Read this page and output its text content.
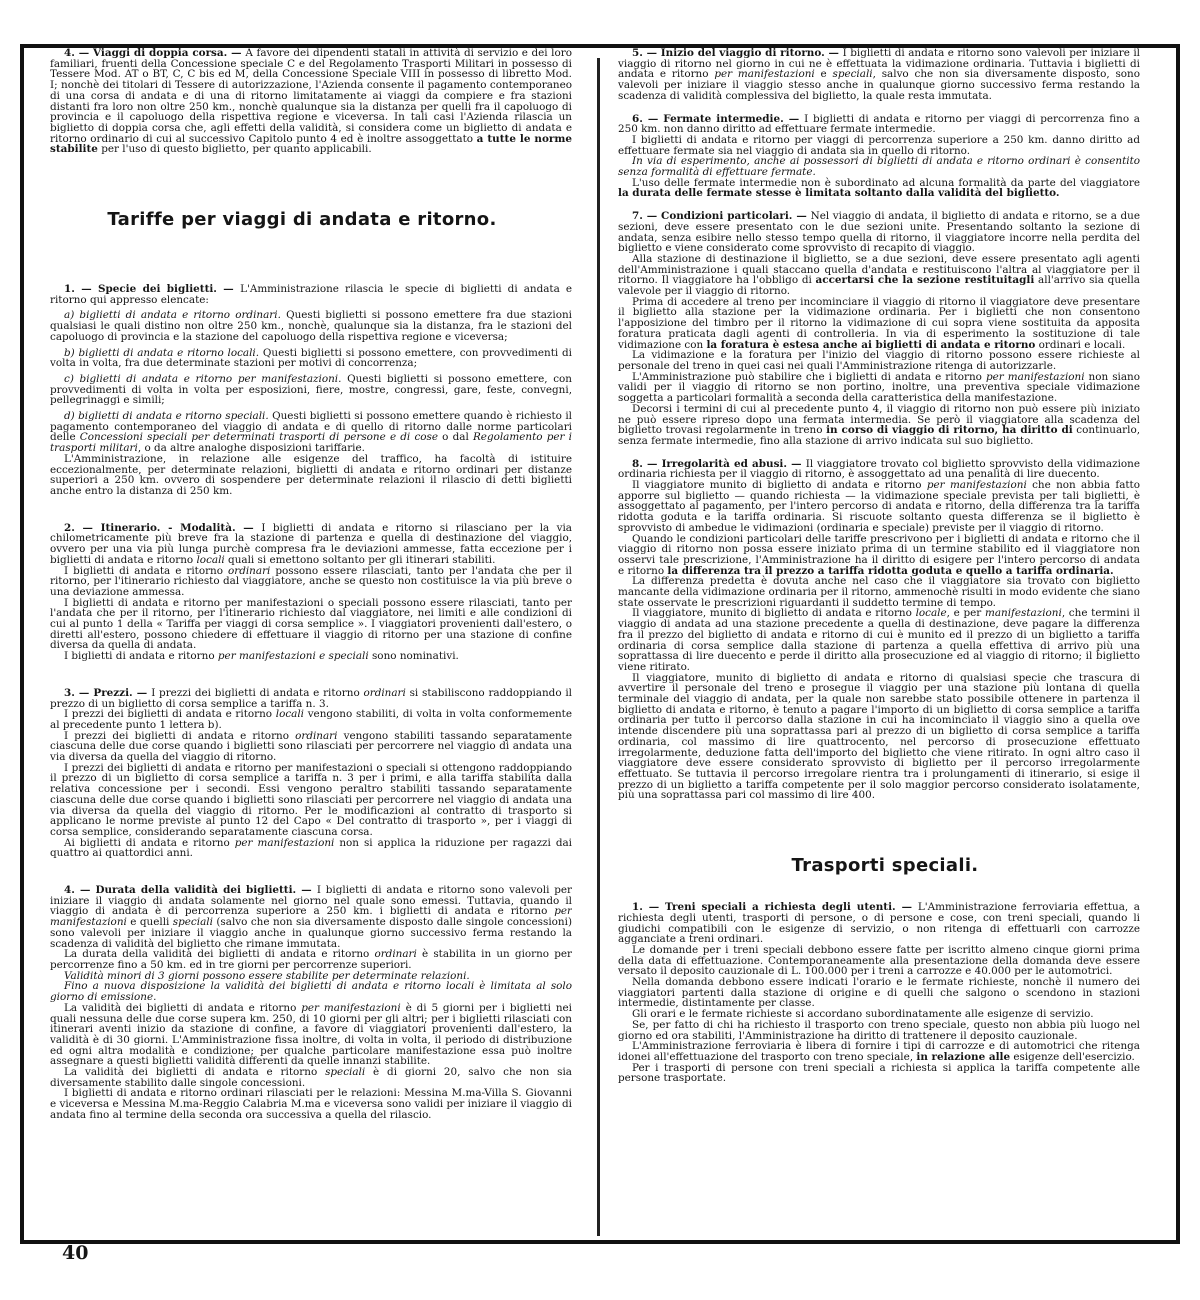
4. — Viaggi di doppia corsa. — A favore dei dipendenti statali in attività di servizio e dei loro familiari, fruenti della Concessione speciale C e del Regolamento Trasporti Militari in possesso di Tessere Mod. AT o BT, C, C bis ed M, della Concessione Speciale VIII in possesso di libretto Mod. I; nonchè dei titolari di Tessere di autorizzazione, l'Azienda consente il pagamento contemporaneo di una corsa di andata e di una di ritorno limitatamente ai viaggi da compiere e fra stazioni distanti fra loro non oltre 250 km., nonchè qualunque sia la distanza per quelli fra il capoluogo di provincia e il capoluogo della rispettiva regione e viceversa. In tali casi l'Azienda rilascia un biglietto di doppia corsa che, agli effetti della validità, si considera come un biglietto di andata e ritorno ordinario di cui al successivo Capitolo punto 4 ed è inoltre assoggettato a tutte le norme stabilite per l'uso di questo biglietto, per quanto applicabili.

Tariffe per viaggi di andata e ritorno.

1. — Specie dei biglietti. — L'Amministrazione rilascia le specie di biglietti di andata e ritorno qui appresso elencate:

a) biglietti di andata e ritorno ordinari. Questi biglietti si possono emettere fra due stazioni qualsiasi le quali distino non oltre 250 km., nonchè, qualunque sia la distanza, fra le stazioni del capoluogo di provincia e la stazione del capoluogo della rispettiva regione e viceversa;

b) biglietti di andata e ritorno locali. Questi biglietti si possono emettere, con provvedimenti di volta in volta, fra due determinate stazioni per motivi di concorrenza;

c) biglietti di andata e ritorno per manifestazioni. Questi biglietti si possono emettere, con provvedimenti di volta in volta per esposizioni, fiere, mostre, congressi, gare, feste, convegni, pellegrinaggi e simili;

d) biglietti di andata e ritorno speciali. Questi biglietti si possono emettere quando è richiesto il pagamento contemporaneo del viaggio di andata e di quello di ritorno dalle norme particolari delle Concessioni speciali per determinati trasporti di persone e di cose o dal Regolamento per i trasporti militari, o da altre analoghe disposizioni tariffarie.

L'Amministrazione, in relazione alle esigenze del traffico, ha facoltà di istituire eccezionalmente, per determinate relazioni, biglietti di andata e ritorno ordinari per distanze superiori a 250 km. ovvero di sospendere per determinate relazioni il rilascio di detti biglietti anche entro la distanza di 250 km.

2. — Itinerario. - Modalità. — I biglietti di andata e ritorno si rilasciano per la via chilometricamente più breve fra la stazione di partenza e quella di destinazione del viaggio, ovvero per una via più lunga purchè compresa fra le deviazioni ammesse, fatta eccezione per i biglietti di andata e ritorno locali quali si emettono soltanto per gli itinerari stabiliti.

I biglietti di andata e ritorno ordinari possono essere rilasciati, tanto per l'andata che per il ritorno, per l'itinerario richiesto dal viaggiatore, anche se questo non costituisce la via più breve o una deviazione ammessa.

I biglietti di andata e ritorno per manifestazioni o speciali possono essere rilasciati, tanto per l'andata che per il ritorno, per l'itinerario richiesto dal viaggiatore, nei limiti e alle condizioni di cui al punto 1 della « Tariffa per viaggi di corsa semplice ». I viaggiatori provenienti dall'estero, o diretti all'estero, possono chiedere di effettuare il viaggio di ritorno per una stazione di confine diversa da quella di andata.

I biglietti di andata e ritorno per manifestazioni e speciali sono nominativi.

3. — Prezzi. — I prezzi dei biglietti di andata e ritorno ordinari si stabiliscono raddoppiando il prezzo di un biglietto di corsa semplice a tariffa n. 3.

I prezzi dei biglietti di andata e ritorno locali vengono stabiliti, di volta in volta conformemente al precedente punto 1 lettera b).

I prezzi dei biglietti di andata e ritorno ordinari vengono stabiliti tassando separatamente ciascuna delle due corse quando i biglietti sono rilasciati per percorrere nel viaggio di andata una via diversa da quella del viaggio di ritorno.

I prezzi dei biglietti di andata e ritorno per manifestazioni o speciali si ottengono raddoppiando il prezzo di un biglietto di corsa semplice a tariffa n. 3 per i primi, e alla tariffa stabilita dalla relativa concessione per i secondi. Essi vengono peraltro stabiliti tassando separatamente ciascuna delle due corse quando i biglietti sono rilasciati per percorrere nel viaggio di andata una via diversa da quella del viaggio di ritorno. Per le modificazioni al contratto di trasporto si applicano le norme previste al punto 12 del Capo « Del contratto di trasporto », per i viaggi di corsa semplice, considerando separatamente ciascuna corsa.

Ai biglietti di andata e ritorno per manifestazioni non si applica la riduzione per ragazzi dai quattro ai quattordici anni.

4. — Durata della validità dei biglietti. — I biglietti di andata e ritorno sono valevoli per iniziare il viaggio di andata solamente nel giorno nel quale sono emessi. Tuttavia, quando il viaggio di andata è di percorrenza superiore a 250 km. i biglietti di andata e ritorno per manifestazioni e quelli speciali (salvo che non sia diversamente disposto dalle singole concessioni) sono valevoli per iniziare il viaggio anche in qualunque giorno successivo ferma restando la scadenza di validità del biglietto che rimane immutata.

La durata della validità dei biglietti di andata e ritorno ordinari è stabilita in un giorno per percorrenze fino a 50 km. ed in tre giorni per percorrenze superiori.

Validità minori di 3 giorni possono essere stabilite per determinate relazioni.

Fino a nuova disposizione la validità dei biglietti di andata e ritorno locali è limitata al solo giorno di emissione.

La validità dei biglietti di andata e ritorno per manifestazioni è di 5 giorni per i biglietti nei quali nessuna delle due corse supera km. 250, di 10 giorni per gli altri; per i biglietti rilasciati con itinerari aventi inizio da stazione di confine, a favore di viaggiatori provenienti dall'estero, la validità è di 30 giorni. L'Amministrazione fissa inoltre, di volta in volta, il periodo di distribuzione ed ogni altra modalità e condizione; per qualche particolare manifestazione essa può inoltre assegnare a questi biglietti validità differenti da quelle innanzi stabilite.

La validità dei biglietti di andata e ritorno speciali è di giorni 20, salvo che non sia diversamente stabilito dalle singole concessioni.

I biglietti di andata e ritorno ordinari rilasciati per le relazioni: Messina M.ma-Villa S. Giovanni e viceversa e Messina M.ma-Reggio Calabria M.ma e viceversa sono validi per iniziare il viaggio di andata fino al termine della seconda ora successiva a quella del rilascio.

5. — Inizio del viaggio di ritorno. — I biglietti di andata e ritorno sono valevoli per iniziare il viaggio di ritorno nel giorno in cui ne è effettuata la vidimazione ordinaria. Tuttavia i biglietti di andata e ritorno per manifestazioni e speciali, salvo che non sia diversamente disposto, sono valevoli per iniziare il viaggio stesso anche in qualunque giorno successivo ferma restando la scadenza di validità complessiva del biglietto, la quale resta immutata.

6. — Fermate intermedie. — I biglietti di andata e ritorno per viaggi di percorrenza fino a 250 km. non danno diritto ad effettuare fermate intermedie.

I biglietti di andata e ritorno per viaggi di percorrenza superiore a 250 km. danno diritto ad effettuare fermate sia nel viaggio di andata sia in quello di ritorno.

In via di esperimento, anche ai possessori di biglietti di andata e ritorno ordinari è consentito senza formalità di effettuare fermate.

L'uso delle fermate intermedie non è subordinato ad alcuna formalità da parte del viaggiatore la durata delle fermate stesse è limitata soltanto dalla validità del biglietto.

7. — Condizioni particolari. — Nel viaggio di andata, il biglietto di andata e ritorno, se a due sezioni, deve essere presentato con le due sezioni unite. Presentando soltanto la sezione di andata, senza esibire nello stesso tempo quella di ritorno, il viaggiatore incorre nella perdita del biglietto e viene considerato come sprovvisto di recapito di viaggio.

Alla stazione di destinazione il biglietto, se a due sezioni, deve essere presentato agli agenti dell'Amministrazione i quali staccano quella d'andata e restituiscono l'altra al viaggiatore per il ritorno. Il viaggiatore ha l'obbligo di accertarsi che la sezione restituitagli all'arrivo sia quella valevole per il viaggio di ritorno.

Prima di accedere al treno per incominciare il viaggio di ritorno il viaggiatore deve presentare il biglietto alla stazione per la vidimazione ordinaria. Per i biglietti che non consentono l'apposizione del timbro per il ritorno la vidimazione di cui sopra viene sostituita da apposita foratura praticata dagli agenti di controlleria. In via di esperimento la sostituzione di tale vidimazione con la foratura è estesa anche ai biglietti di andata e ritorno ordinari e locali.

La vidimazione e la foratura per l'inizio del viaggio di ritorno possono essere richieste al personale del treno in quei casi nei quali l'Amministrazione ritenga di autorizzarle.

L'Amministrazione può stabilire che i biglietti di andata e ritorno per manifestazioni non siano validi per il viaggio di ritorno se non portino, inoltre, una preventiva speciale vidimazione soggetta a particolari formalità a seconda della caratteristica della manifestazione.

Decorsi i termini di cui al precedente punto 4, il viaggio di ritorno non può essere più iniziato ne può essere ripreso dopo una fermata intermedia. Se però il viaggiatore alla scadenza del biglietto trovasi regolarmente in treno in corso di viaggio di ritorno, ha diritto di continuarlo, senza fermate intermedie, fino alla stazione di arrivo indicata sul suo biglietto.

8. — Irregolarità ed abusi. — Il viaggiatore trovato col biglietto sprovvisto della vidimazione ordinaria richiesta per il viaggio di ritorno, è assoggettato ad una penalità di lire duecento.

Il viaggiatore munito di biglietto di andata e ritorno per manifestazioni che non abbia fatto apporre sul biglietto — quando richiesta — la vidimazione speciale prevista per tali biglietti, è assoggettato al pagamento, per l'intero percorso di andata e ritorno, della differenza tra la tariffa ridotta goduta e la tariffa ordinaria. Si riscuote soltanto questa differenza se il biglietto è sprovvisto di ambedue le vidimazioni (ordinaria e speciale) previste per il viaggio di ritorno.

Quando le condizioni particolari delle tariffe prescrivono per i biglietti di andata e ritorno che il viaggio di ritorno non possa essere iniziato prima di un termine stabilito ed il viaggiatore non osservi tale prescrizione, l'Amministrazione ha il diritto di esigere per l'intero percorso di andata e ritorno la differenza tra il prezzo a tariffa ridotta goduta e quello a tariffa ordinaria.

La differenza predetta è dovuta anche nel caso che il viaggiatore sia trovato con biglietto mancante della vidimazione ordinaria per il ritorno, ammenochè risulti in modo evidente che siano state osservate le prescrizioni riguardanti il suddetto termine di tempo.

Il viaggiatore, munito di biglietto di andata e ritorno locale, e per manifestazioni, che termini il viaggio di andata ad una stazione precedente a quella di destinazione, deve pagare la differenza fra il prezzo del biglietto di andata e ritorno di cui è munito ed il prezzo di un biglietto a tariffa ordinaria di corsa semplice dalla stazione di partenza a quella effettiva di arrivo più una soprattassa di lire duecento e perde il diritto alla prosecuzione ed al viaggio di ritorno; il biglietto viene ritirato.

Il viaggiatore, munito di biglietto di andata e ritorno di qualsiasi specie che trascura di avvertire il personale del treno e prosegue il viaggio per una stazione più lontana di quella terminale del viaggio di andata, per la quale non sarebbe stato possibile ottenere in partenza il biglietto di andata e ritorno, è tenuto a pagare l'importo di un biglietto di corsa semplice a tariffa ordinaria per tutto il percorso dalla stazione in cui ha incominciato il viaggio sino a quella ove intende discendere più una soprattassa pari al prezzo di un biglietto di corsa semplice a tariffa ordinaria, col massimo di lire quattrocento, nel percorso di prosecuzione effettuato irregolarmente, deduzione fatta dell'importo del biglietto che viene ritirato. In ogni altro caso il viaggiatore deve essere considerato sprovvisto di biglietto per il percorso irregolarmente effettuato. Se tuttavia il percorso irregolare rientra tra i prolungamenti di itinerario, si esige il prezzo di un biglietto a tariffa competente per il solo maggior percorso considerato isolatamente, più una soprattassa pari col massimo di lire 400.

Trasporti speciali.

1. — Treni speciali a richiesta degli utenti. — L'Amministrazione ferroviaria effettua, a richiesta degli utenti, trasporti di persone, o di persone e cose, con treni speciali, quando li giudichi compatibili con le esigenze di servizio, o non ritenga di effettuarli con carrozze agganciate a treni ordinari.

Le domande per i treni speciali debbono essere fatte per iscritto almeno cinque giorni prima della data di effettuazione. Contemporaneamente alla presentazione della domanda deve essere versato il deposito cauzionale di L. 100.000 per i treni a carrozze e 40.000 per le automotrici.

Nella domanda debbono essere indicati l'orario e le fermate richieste, nonchè il numero dei viaggiatori partenti dalla stazione di origine e di quelli che salgono o scendono in stazioni intermedie, distintamente per classe.

Gli orari e le fermate richieste si accordano subordinatamente alle esigenze di servizio.

Se, per fatto di chi ha richiesto il trasporto con treno speciale, questo non abbia più luogo nel giorno ed ora stabiliti, l'Amministrazione ha diritto di trattenere il deposito cauzionale.

L'Amministrazione ferroviaria è libera di fornire i tipi di carrozze e di automotrici che ritenga idonei all'effettuazione del trasporto con treno speciale, in relazione alle esigenze dell'esercizio.

Per i trasporti di persone con treni speciali a richiesta si applica la tariffa competente alle persone trasportate.

40
